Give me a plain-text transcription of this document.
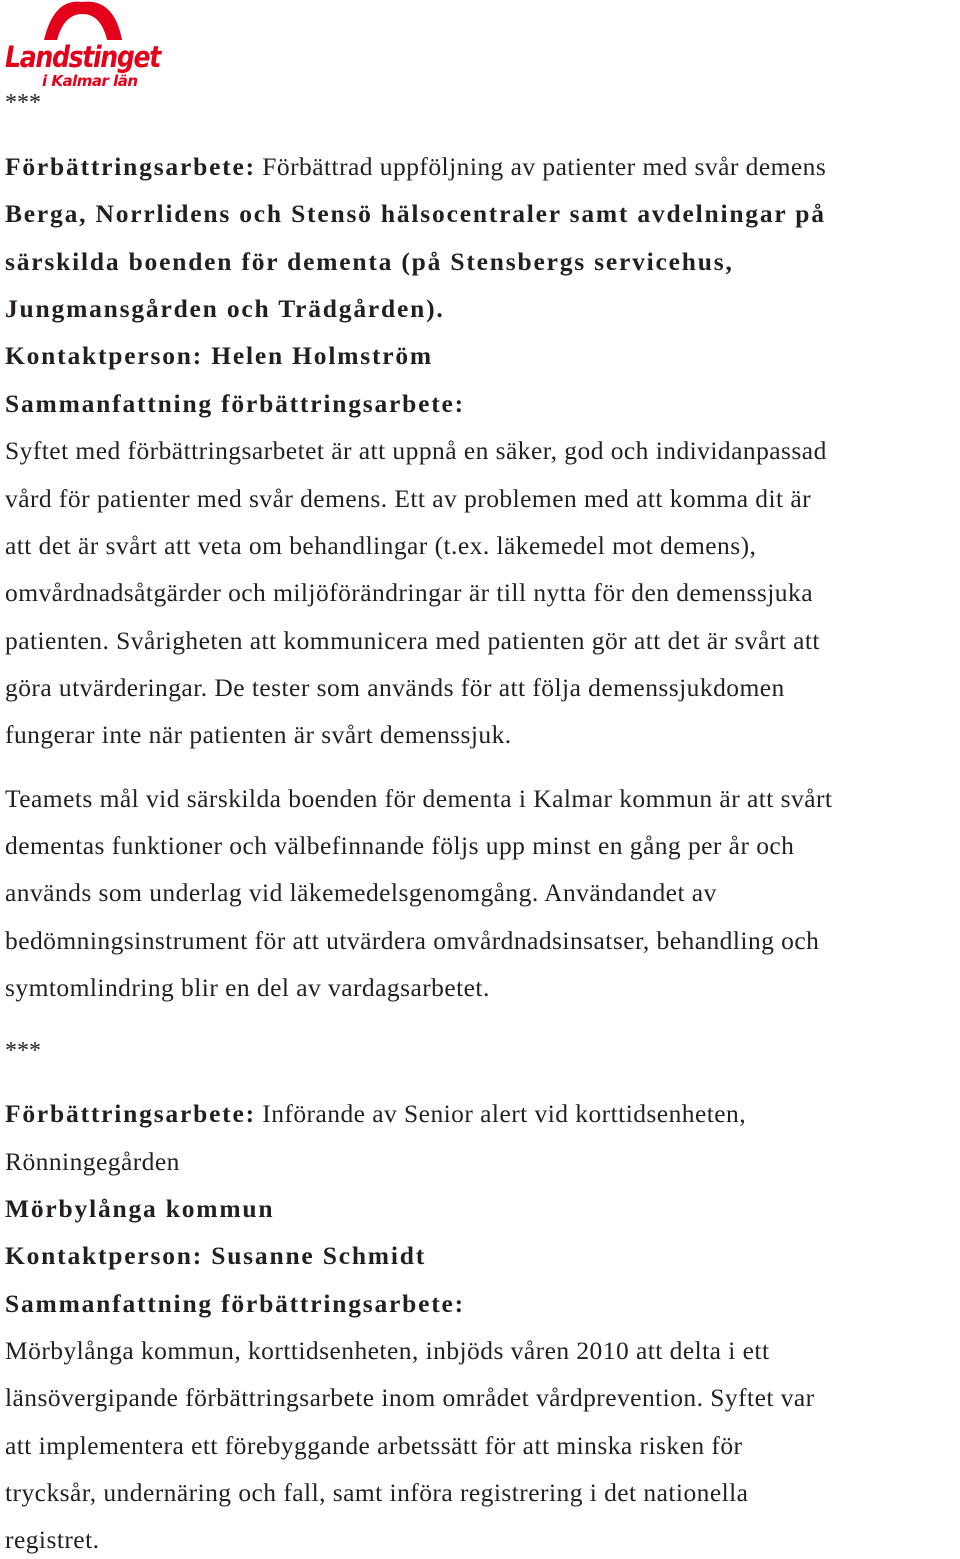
Landstinget
i Kalmar län
***
Förbättringsarbete: Förbättrad uppföljning av patienter med svår demens
Berga, Norrlidens och Stensö hälsocentraler samt avdelningar på
särskilda boenden för dementa (på Stensbergs servicehus,
Jungmansgården och Trädgården).
Kontaktperson: Helen Holmström
Sammanfattning förbättringsarbete:
Syftet med förbättringsarbetet är att uppnå en säker, god och individanpassad
vård för patienter med svår demens. Ett av problemen med att komma dit är
att det är svårt att veta om behandlingar (t.ex. läkemedel mot demens),
omvårdnadsåtgärder och miljöförändringar är till nytta för den demenssjuka
patienten. Svårigheten att kommunicera med patienten gör att det är svårt att
göra utvärderingar. De tester som används för att följa demenssjukdomen
fungerar inte när patienten är svårt demenssjuk.
Teamets mål vid särskilda boenden för dementa i Kalmar kommun är att svårt
dementas funktioner och välbefinnande följs upp minst en gång per år och
används som underlag vid läkemedelsgenomgång. Användandet av
bedömningsinstrument för att utvärdera omvårdnadsinsatser, behandling och
symtomlindring blir en del av vardagsarbetet.
***
Förbättringsarbete: Införande av Senior alert vid korttidsenheten,
Rönningegården
Mörbylånga kommun
Kontaktperson: Susanne Schmidt
Sammanfattning förbättringsarbete:
Mörbylånga kommun, korttidsenheten, inbjöds våren 2010 att delta i ett
länsövergipande förbättringsarbete inom området vårdprevention. Syftet var
att implementera ett förebyggande arbetssätt för att minska risken för
trycksår, undernäring och fall, samt införa registrering i det nationella
registret.
